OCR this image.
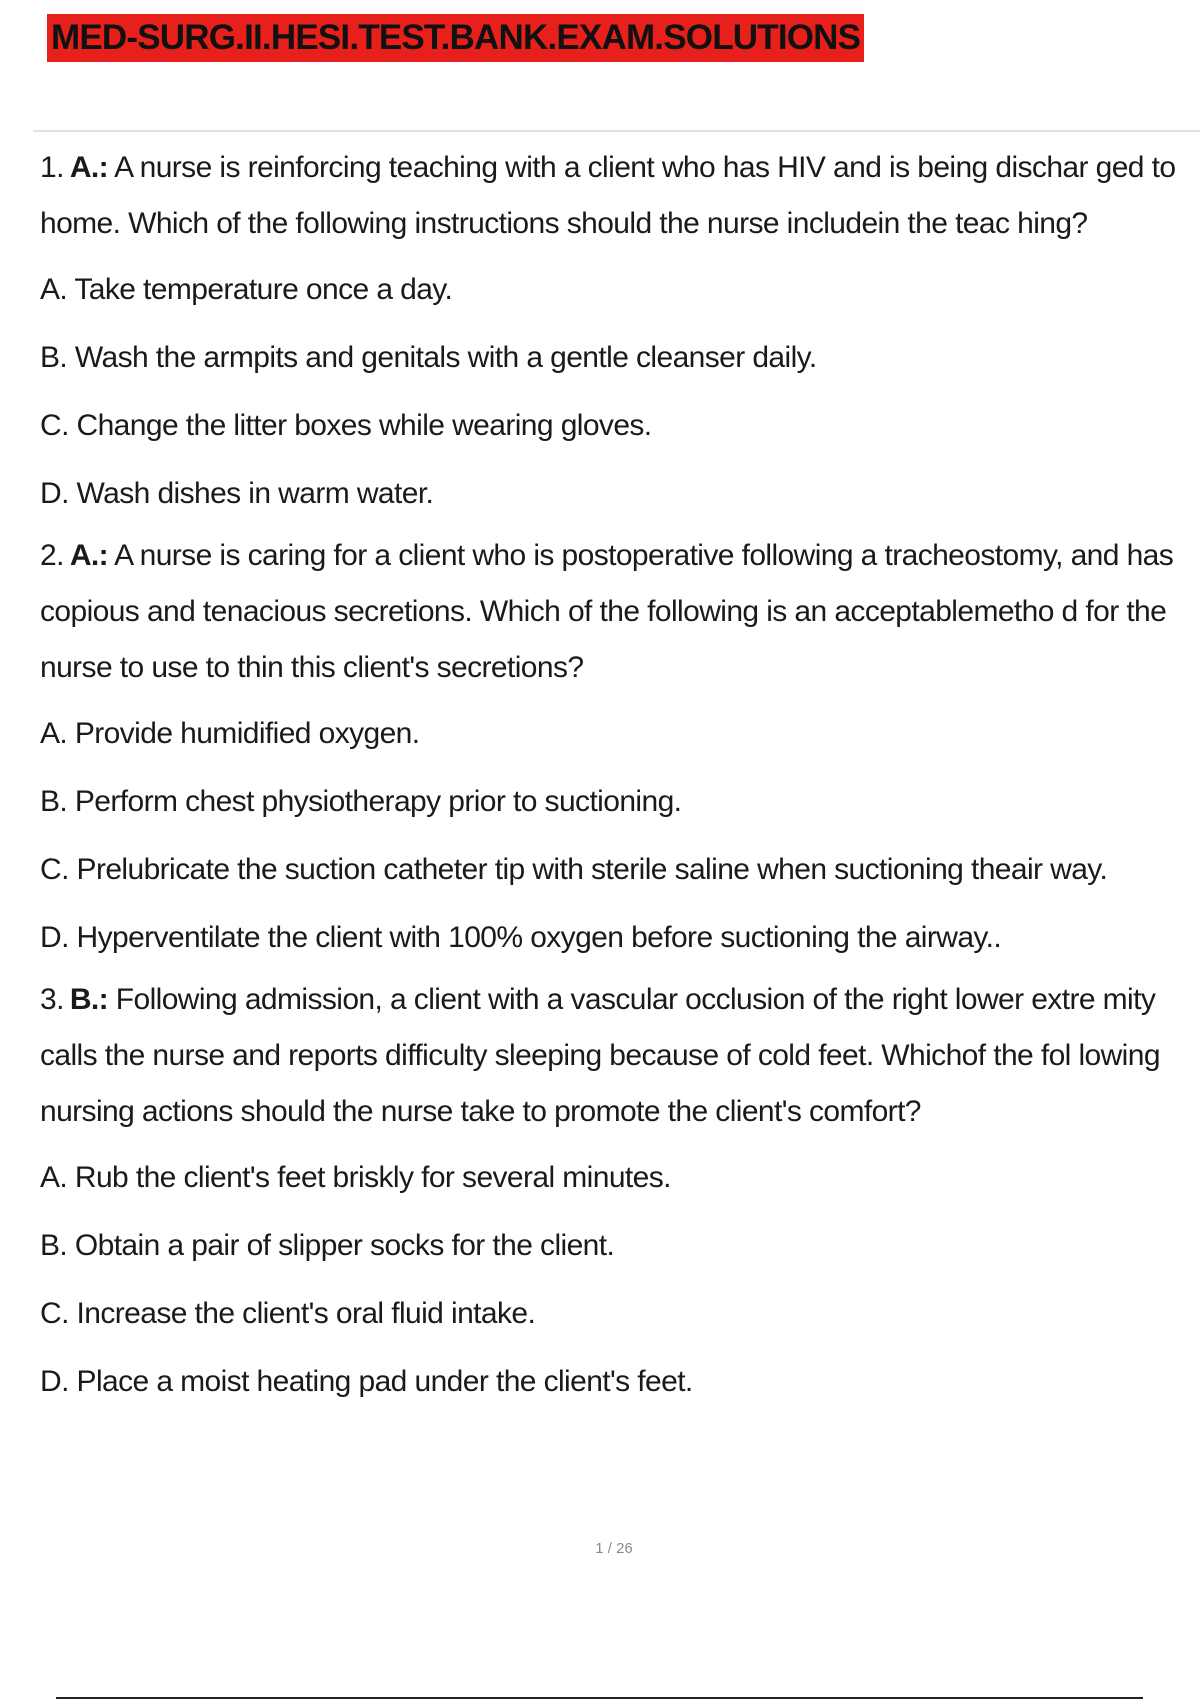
MED-SURG.II.HESI.TEST.BANK.EXAM.SOLUTIONS

1. A.: A nurse is reinforcing teaching with a client who has HIV and is being dischar ged to home. Which of the following instructions should the nurse includein the teac hing?

A. Take temperature once a day.

B. Wash the armpits and genitals with a gentle cleanser daily.

C. Change the litter boxes while wearing gloves.

D. Wash dishes in warm water.

2. A.: A nurse is caring for a client who is postoperative following a tracheostomy, and has copious and tenacious secretions. Which of the following is an acceptablemetho d for the nurse to use to thin this client's secretions?

A. Provide humidified oxygen.

B. Perform chest physiotherapy prior to suctioning.

C. Prelubricate the suction catheter tip with sterile saline when suctioning theair way.

D. Hyperventilate the client with 100% oxygen before suctioning the airway..

3. B.: Following admission, a client with a vascular occlusion of the right lower extre mity calls the nurse and reports difficulty sleeping because of cold feet. Whichof the fol lowing nursing actions should the nurse take to promote the client's comfort?

A. Rub the client's feet briskly for several minutes.

B. Obtain a pair of slipper socks for the client.

C. Increase the client's oral fluid intake.

D. Place a moist heating pad under the client's feet.

1 / 26
